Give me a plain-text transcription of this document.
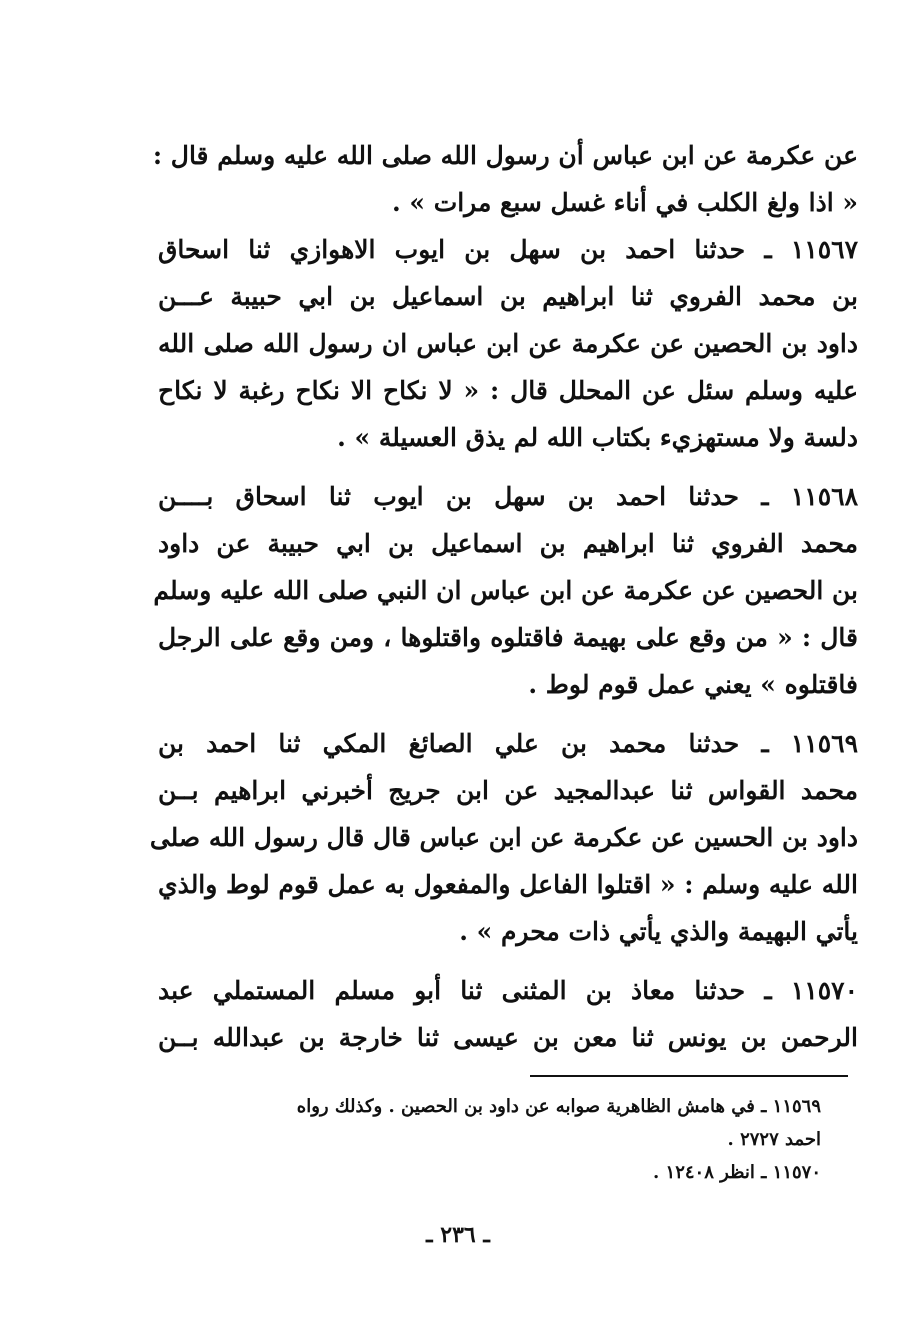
عن عكرمة عن ابن عباس أن رسول الله صلى الله عليه وسلم قال :
« اذا ولغ الكلب في أناء غسل سبع مرات » .
١١٥٦٧ ـ حدثنا احمد بن سهل بن ايوب الاهوازي ثنا اسحاق
بن محمد الفروي ثنا ابراهيم بن اسماعيل بن ابي حبيبة عـــن
داود بن الحصين عن عكرمة عن ابن عباس ان رسول الله صلى الله
عليه وسلم سئل عن المحلل قال : « لا نكاح الا نكاح رغبة لا نكاح
دلسة ولا مستهزيء بكتاب الله لم يذق العسيلة » .
١١٥٦٨ ـ حدثنا احمد بن سهل بن ايوب ثنا اسحاق بــــن
محمد الفروي ثنا ابراهيم بن اسماعيل بن ابي حبيبة عن داود
بن الحصين عن عكرمة عن ابن عباس ان النبي صلى الله عليه وسلم
قال : « من وقع على بهيمة فاقتلوه واقتلوها ، ومن وقع على الرجل
فاقتلوه » يعني عمل قوم لوط .
١١٥٦٩ ـ حدثنا محمد بن علي الصائغ المكي ثنا احمد بن
محمد القواس ثنا عبدالمجيد عن ابن جريج أخبرني ابراهيم بــن
داود بن الحسين عن عكرمة عن ابن عباس قال قال رسول الله صلى
الله عليه وسلم : « اقتلوا الفاعل والمفعول به عمل قوم لوط والذي
يأتي البهيمة والذي يأتي ذات محرم » .
١١٥٧٠ ـ حدثنا معاذ بن المثنى ثنا أبو مسلم المستملي عبد
الرحمن بن يونس ثنا معن بن عيسى ثنا خارجة بن عبدالله بــن
١١٥٦٩ ـ في هامش الظاهرية صوابه عن داود بن الحصين . وكذلك رواه
احمد ٢٧٢٧ .
١١٥٧٠ ـ انظر ١٢٤٠٨ .
ـ ٢٣٦ ـ
